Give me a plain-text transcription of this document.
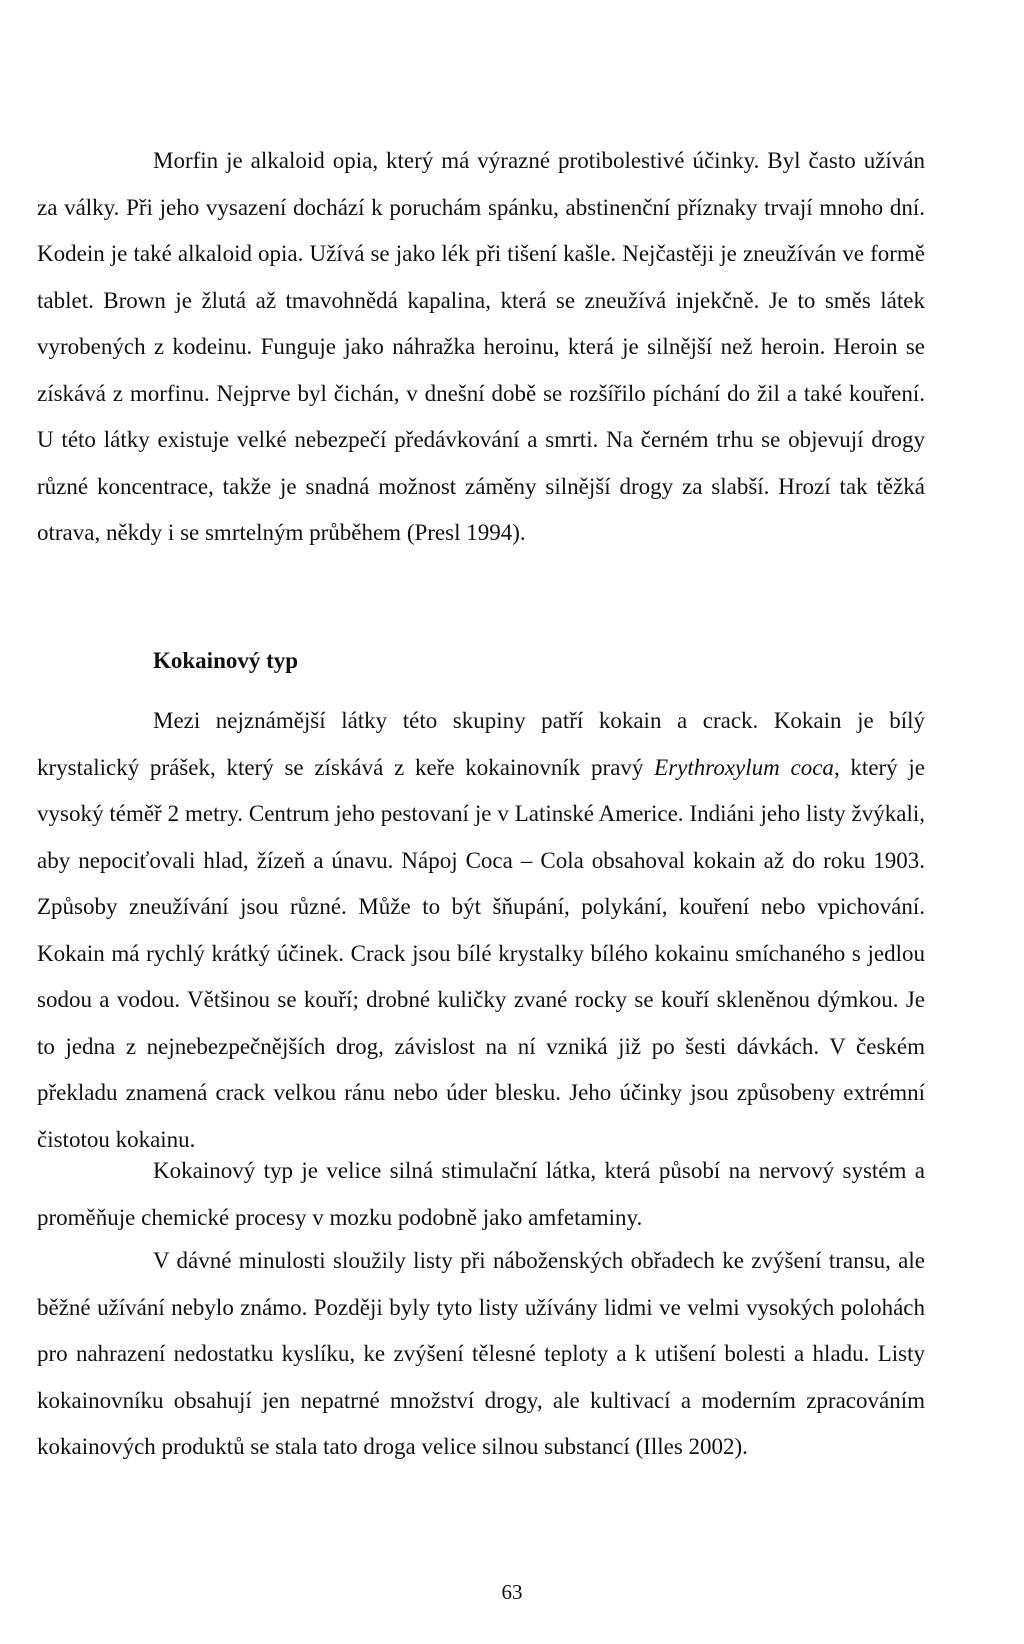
Morfin je alkaloid opia, který má výrazné protibolestivé účinky. Byl často užíván za války. Při jeho vysazení dochází k poruchám spánku, abstinenční příznaky trvají mnoho dní. Kodein je také alkaloid opia. Užívá se jako lék při tišení kašle. Nejčastěji je zneužíván ve formě tablet. Brown je žlutá až tmavohnědá kapalina, která se zneužívá injekčně. Je to směs látek vyrobených z kodeinu. Funguje jako náhražka heroinu, která je silnější než heroin. Heroin se získává z morfinu. Nejprve byl čichán, v dnešní době se rozšířilo píchání do žil a také kouření. U této látky existuje velké nebezpečí předávkování a smrti. Na černém trhu se objevují drogy různé koncentrace, takže je snadná možnost záměny silnější drogy za slabší. Hrozí tak těžká otrava, někdy i se smrtelným průběhem (Presl 1994).

Kokainový typ

Mezi nejznámější látky této skupiny patří kokain a crack. Kokain je bílý krystalický prášek, který se získává z keře kokainovník pravý Erythroxylum coca, který je vysoký téměř 2 metry. Centrum jeho pestovaní je v Latinské Americe. Indiáni jeho listy žvýkali, aby nepociťovali hlad, žízeň a únavu. Nápoj Coca – Cola obsahoval kokain až do roku 1903. Způsoby zneužívání jsou různé. Může to být šňupání, polykání, kouření nebo vpichování. Kokain má rychlý krátký účinek. Crack jsou bílé krystalky bílého kokainu smíchaného s jedlou sodou a vodou. Většinou se kouří; drobné kuličky zvané rocky se kouří skleněnou dýmkou. Je to jedna z nejnebezpečnějších drog, závislost na ní vzniká již po šesti dávkách. V českém překladu znamená crack velkou ránu nebo úder blesku. Jeho účinky jsou způsobeny extrémní čistotou kokainu.

Kokainový typ je velice silná stimulační látka, která působí na nervový systém a proměňuje chemické procesy v mozku podobně jako amfetaminy.

V dávné minulosti sloužily listy při náboženských obřadech ke zvýšení transu, ale běžné užívání nebylo známo. Později byly tyto listy užívány lidmi ve velmi vysokých polohách pro nahrazení nedostatku kyslíku, ke zvýšení tělesné teploty a k utišení bolesti a hladu. Listy kokainovníku obsahují jen nepatrné množství drogy, ale kultivací a moderním zpracováním kokainových produktů se stala tato droga velice silnou substancí (Illes 2002).

63
